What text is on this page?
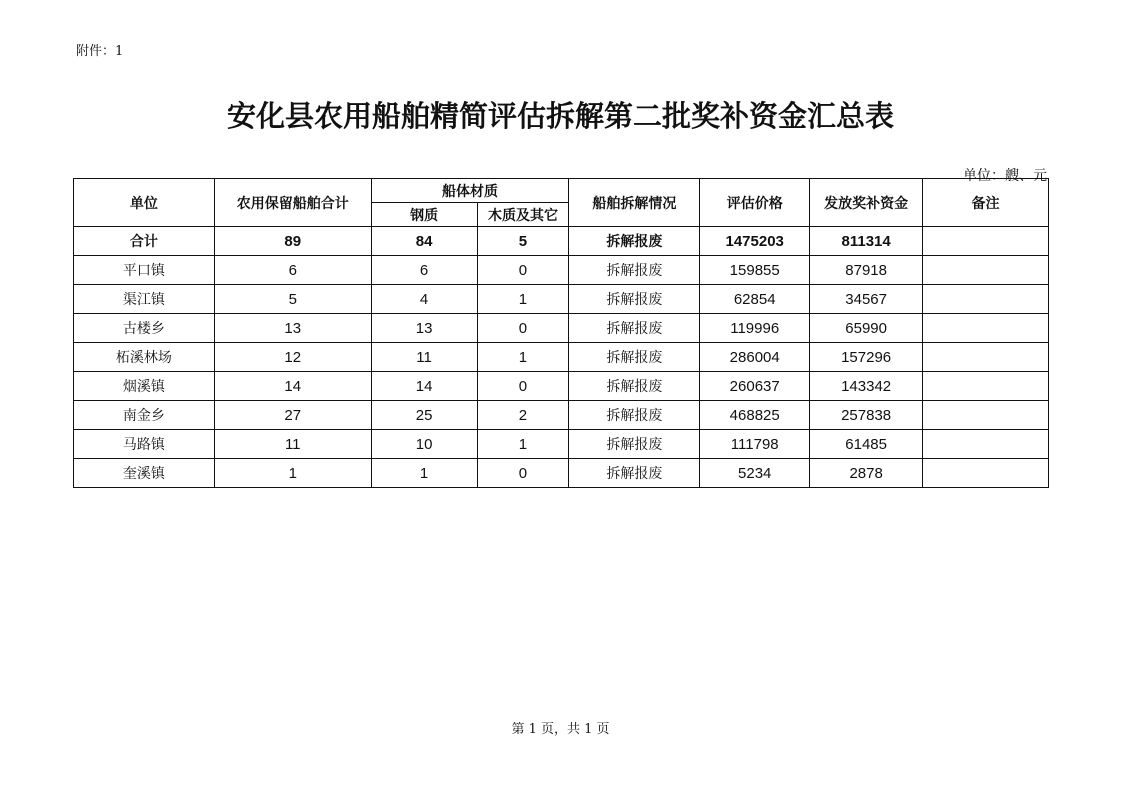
附件：1
安化县农用船舶精简评估拆解第二批奖补资金汇总表
单位：艘、元
单位	农用保留船舶合计	船体材质		船舶拆解情况	评估价格	发放奖补资金	备注
		钢质	木质及其它				
合计	89	84	5	拆解报废	1475203	811314	
平口镇	6	6	0	拆解报废	159855	87918	
渠江镇	5	4	1	拆解报废	62854	34567	
古楼乡	13	13	0	拆解报废	119996	65990	
柘溪林场	12	11	1	拆解报废	286004	157296	
烟溪镇	14	14	0	拆解报废	260637	143342	
南金乡	27	25	2	拆解报废	468825	257838	
马路镇	11	10	1	拆解报废	111798	61485	
奎溪镇	1	1	0	拆解报废	5234	2878	
第 1 页，共 1 页
